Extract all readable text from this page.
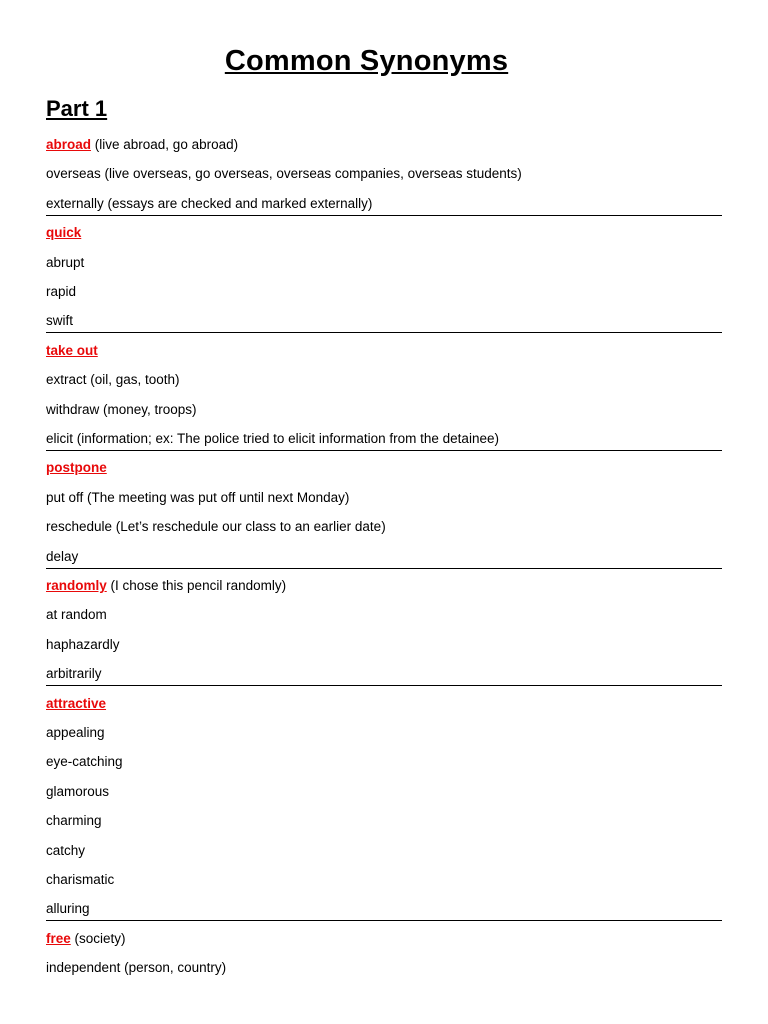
Common Synonyms
Part 1
abroad (live abroad, go abroad)
overseas (live overseas, go overseas, overseas companies, overseas students)
externally (essays are checked and marked externally)
quick
abrupt
rapid
swift
take out
extract (oil, gas, tooth)
withdraw (money, troops)
elicit (information; ex: The police tried to elicit information from the detainee)
postpone
put off (The meeting was put off until next Monday)
reschedule (Let’s reschedule our class to an earlier date)
delay
randomly (I chose this pencil randomly)
at random
haphazardly
arbitrarily
attractive
appealing
eye-catching
glamorous
charming
catchy
charismatic
alluring
free (society)
independent (person, country)
